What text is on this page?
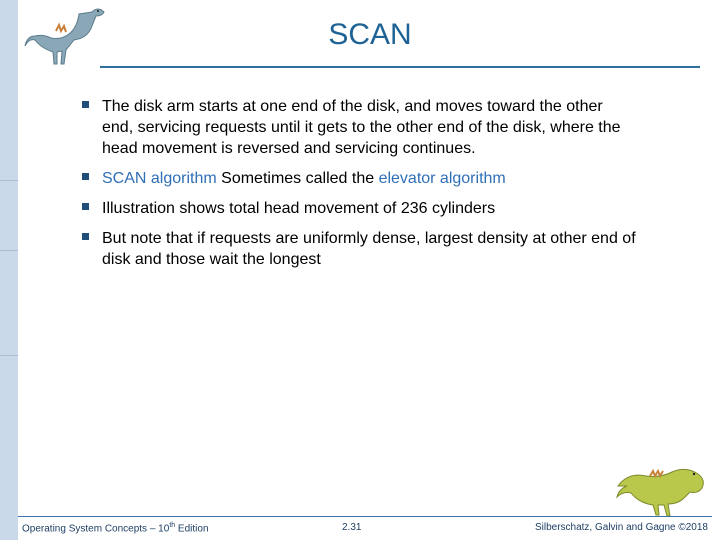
SCAN
The disk arm starts at one end of the disk, and moves toward the other end, servicing requests until it gets to the other end of the disk, where the head movement is reversed and servicing continues.
SCAN algorithm Sometimes called the elevator algorithm
Illustration shows total head movement of 236 cylinders
But note that if requests are uniformly dense, largest density at other end of disk and those wait the longest
Operating System Concepts – 10th Edition	2.31	Silberschatz, Galvin and Gagne ©2018
